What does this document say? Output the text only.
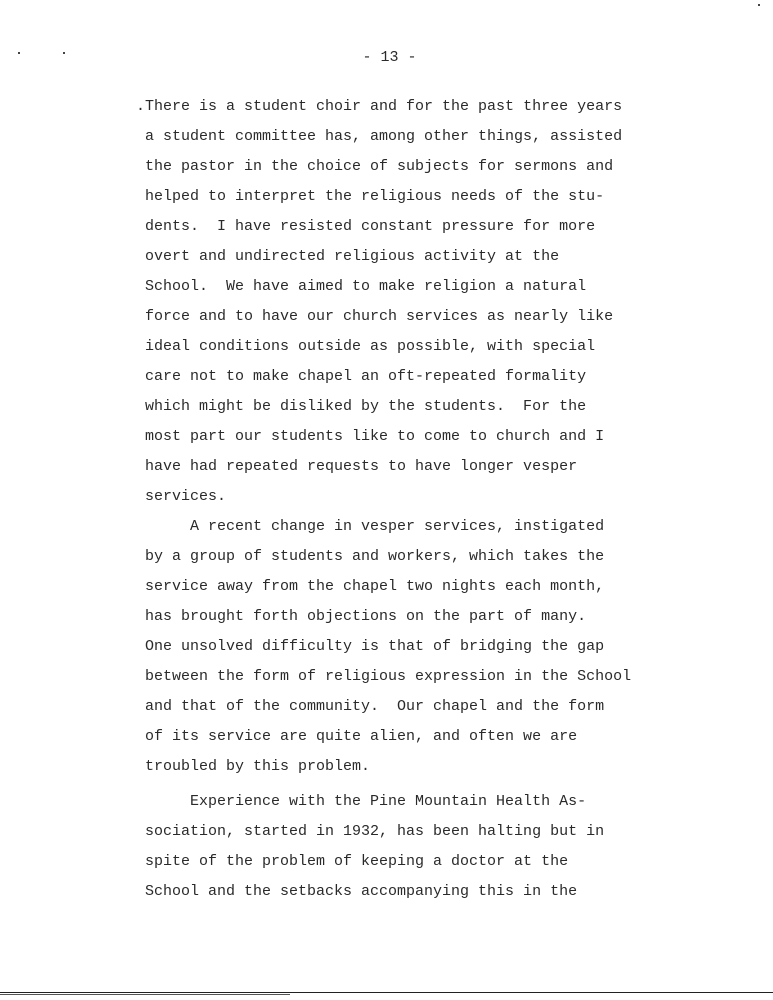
- 13 -
.There is a student choir and for the past three years
a student committee has, among other things, assisted
the pastor in the choice of subjects for sermons and
helped to interpret the religious needs of the stu-
dents.  I have resisted constant pressure for more
overt and undirected religious activity at the
School.  We have aimed to make religion a natural
force and to have our church services as nearly like
ideal conditions outside as possible, with special
care not to make chapel an oft-repeated formality
which might be disliked by the students.  For the
most part our students like to come to church and I
have had repeated requests to have longer vesper
services.
A recent change in vesper services, instigated
by a group of students and workers, which takes the
service away from the chapel two nights each month,
has brought forth objections on the part of many.
One unsolved difficulty is that of bridging the gap
between the form of religious expression in the School
and that of the community.  Our chapel and the form
of its service are quite alien, and often we are
troubled by this problem.
Experience with the Pine Mountain Health As-
sociation, started in 1932, has been halting but in
spite of the problem of keeping a doctor at the
School and the setbacks accompanying this in the
